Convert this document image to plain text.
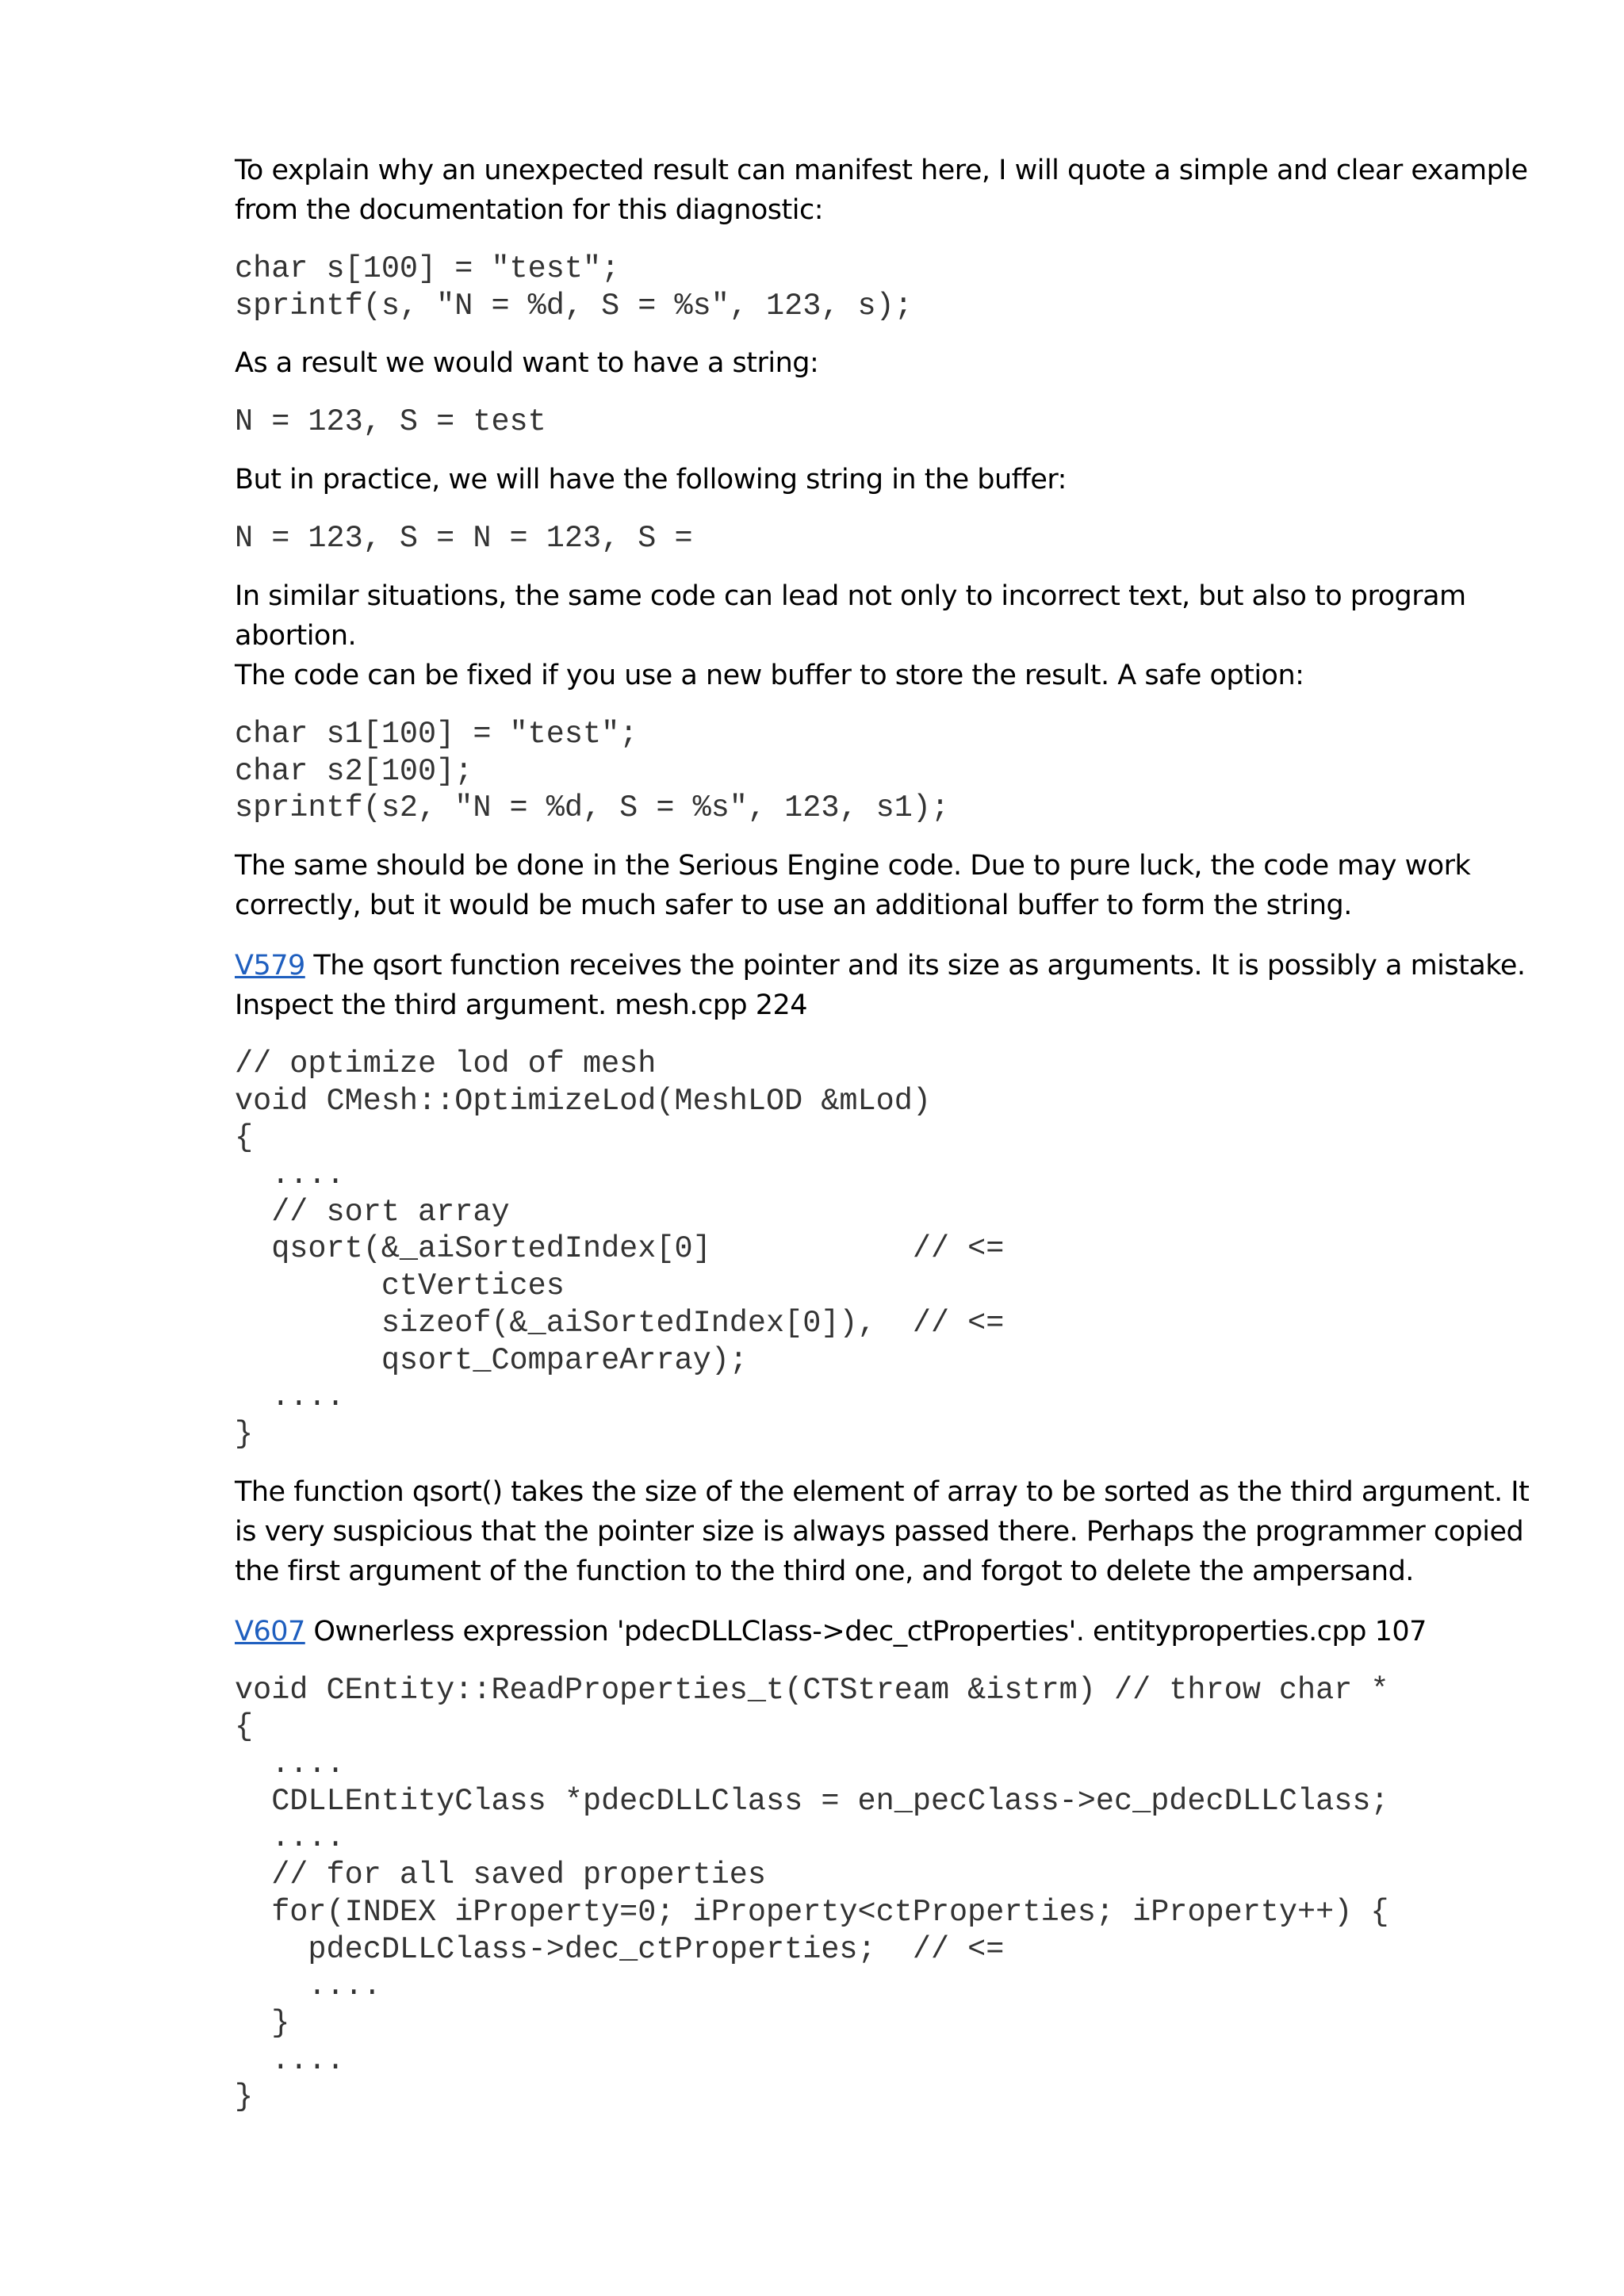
To explain why an unexpected result can manifest here, I will quote a simple and clear example from the documentation for this diagnostic:

char s[100] = "test";
sprintf(s, "N = %d, S = %s", 123, s);

As a result we would want to have a string:

N = 123, S = test

But in practice, we will have the following string in the buffer:

N = 123, S = N = 123, S =

In similar situations, the same code can lead not only to incorrect text, but also to program abortion.
The code can be fixed if you use a new buffer to store the result. A safe option:

char s1[100] = "test";
char s2[100];
sprintf(s2, "N = %d, S = %s", 123, s1);

The same should be done in the Serious Engine code. Due to pure luck, the code may work correctly, but it would be much safer to use an additional buffer to form the string.

V579 The qsort function receives the pointer and its size as arguments. It is possibly a mistake. Inspect the third argument. mesh.cpp 224

// optimize lod of mesh
void CMesh::OptimizeLod(MeshLOD &mLod)
{
....
// sort array
qsort(&_aiSortedIndex[0]           // <=
ctVertices
sizeof(&_aiSortedIndex[0]),  // <=
qsort_CompareArray);
....
}

The function qsort() takes the size of the element of array to be sorted as the third argument. It is very suspicious that the pointer size is always passed there. Perhaps the programmer copied the first argument of the function to the third one, and forgot to delete the ampersand.

V607 Ownerless expression 'pdecDLLClass->dec_ctProperties'. entityproperties.cpp 107

void CEntity::ReadProperties_t(CTStream &istrm) // throw char *
{
....
CDLLEntityClass *pdecDLLClass = en_pecClass->ec_pdecDLLClass;
....
// for all saved properties
for(INDEX iProperty=0; iProperty<ctProperties; iProperty++) {
pdecDLLClass->dec_ctProperties;  // <=
....
}
....
}
